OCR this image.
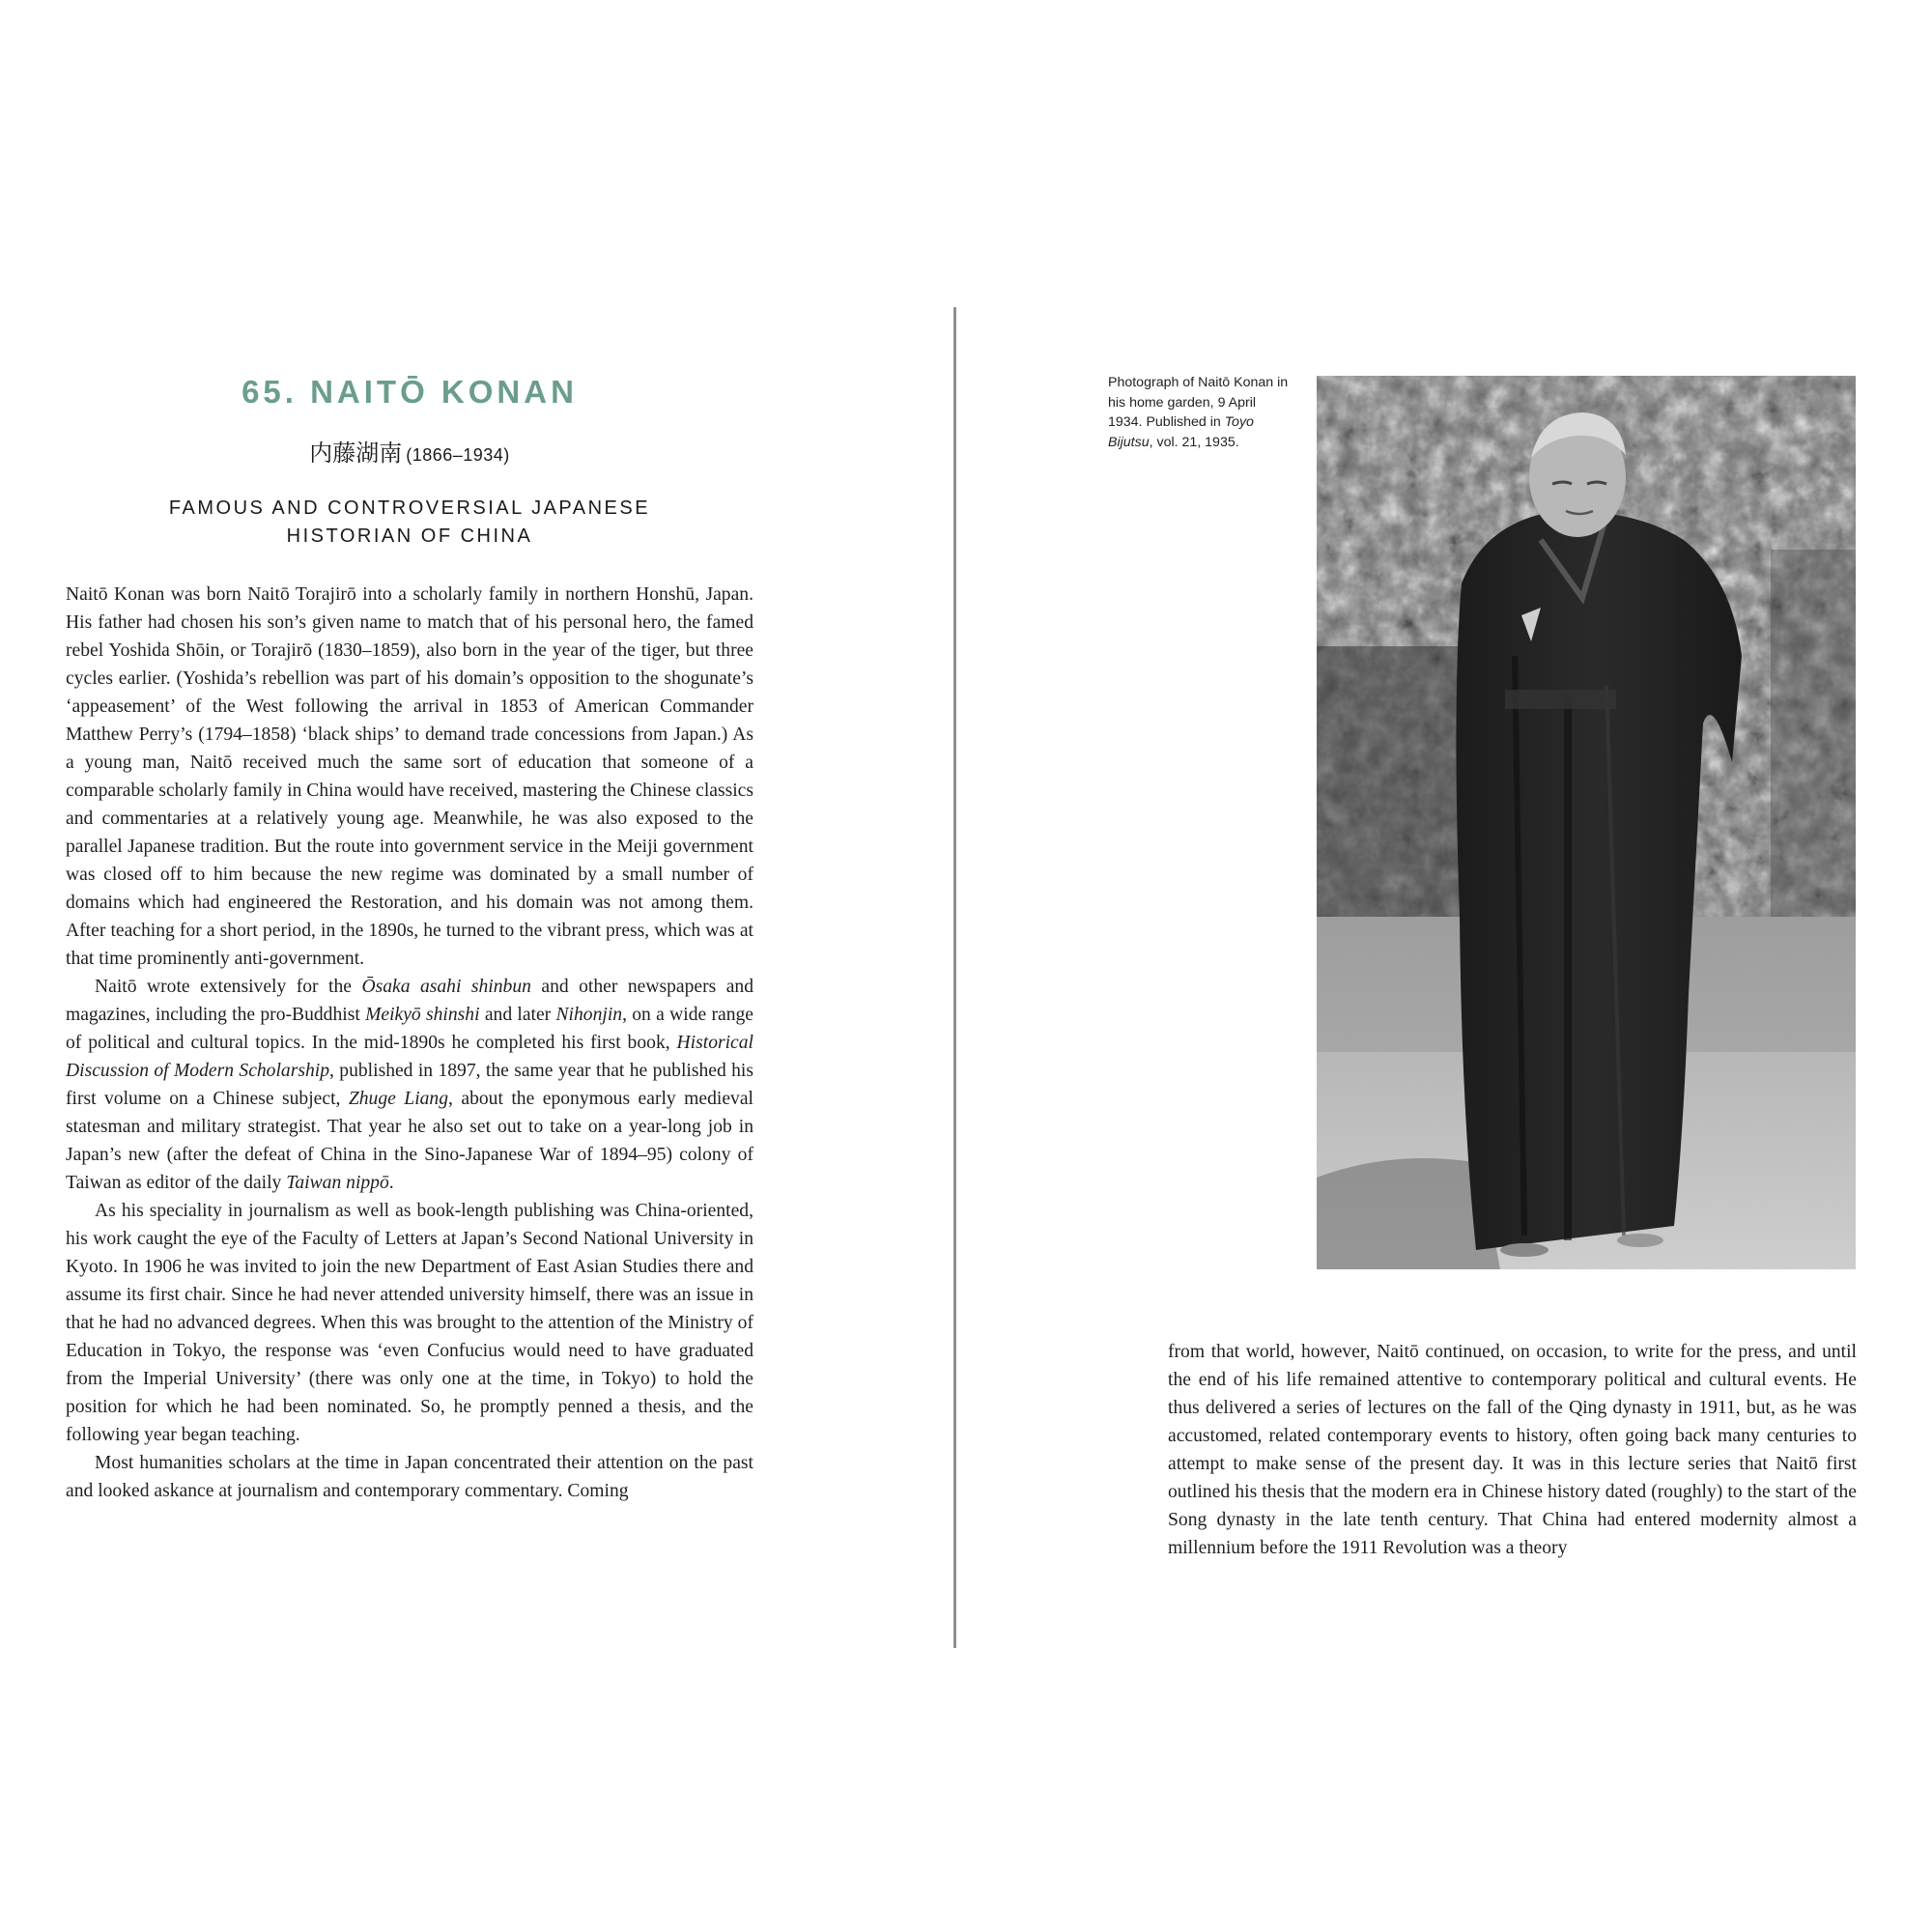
65. NAITŌ KONAN
内藤湖南 (1866–1934)
FAMOUS AND CONTROVERSIAL JAPANESE
HISTORIAN OF CHINA

Naitō Konan was born Naitō Torajirō into a scholarly family in northern Honshū, Japan. His father had chosen his son’s given name to match that of his personal hero, the famed rebel Yoshida Shōin, or Torajirō (1830–1859), also born in the year of the tiger, but three cycles earlier. (Yoshida’s rebellion was part of his domain’s opposition to the shogunate’s ‘appeasement’ of the West following the arrival in 1853 of American Commander Matthew Perry’s (1794–1858) ‘black ships’ to demand trade concessions from Japan.) As a young man, Naitō received much the same sort of education that someone of a comparable scholarly family in China would have received, mastering the Chinese classics and commentaries at a relatively young age. Meanwhile, he was also exposed to the parallel Japanese tradition. But the route into government service in the Meiji government was closed off to him because the new regime was dominated by a small number of domains which had engineered the Restoration, and his domain was not among them. After teaching for a short period, in the 1890s, he turned to the vibrant press, which was at that time prominently anti-government.

Naitō wrote extensively for the Ōsaka asahi shinbun and other newspapers and magazines, including the pro-Buddhist Meikyō shinshi and later Nihonjin, on a wide range of political and cultural topics. In the mid-1890s he completed his first book, Historical Discussion of Modern Scholarship, published in 1897, the same year that he published his first volume on a Chinese subject, Zhuge Liang, about the eponymous early medieval statesman and military strategist. That year he also set out to take on a year-long job in Japan’s new (after the defeat of China in the Sino-Japanese War of 1894–95) colony of Taiwan as editor of the daily Taiwan nippō.

As his speciality in journalism as well as book-length publishing was China-oriented, his work caught the eye of the Faculty of Letters at Japan’s Second National University in Kyoto. In 1906 he was invited to join the new Department of East Asian Studies there and assume its first chair. Since he had never attended university himself, there was an issue in that he had no advanced degrees. When this was brought to the attention of the Ministry of Education in Tokyo, the response was ‘even Confucius would need to have graduated from the Imperial University’ (there was only one at the time, in Tokyo) to hold the position for which he had been nominated. So, he promptly penned a thesis, and the following year began teaching.

Most humanities scholars at the time in Japan concentrated their attention on the past and looked askance at journalism and contemporary commentary. Coming

Photograph of Naitō Konan in his home garden, 9 April 1934. Published in Toyo Bijutsu, vol. 21, 1935.

from that world, however, Naitō continued, on occasion, to write for the press, and until the end of his life remained attentive to contemporary political and cultural events. He thus delivered a series of lectures on the fall of the Qing dynasty in 1911, but, as he was accustomed, related contemporary events to history, often going back many centuries to attempt to make sense of the present day. It was in this lecture series that Naitō first outlined his thesis that the modern era in Chinese history dated (roughly) to the start of the Song dynasty in the late tenth century. That China had entered modernity almost a millennium before the 1911 Revolution was a theory
